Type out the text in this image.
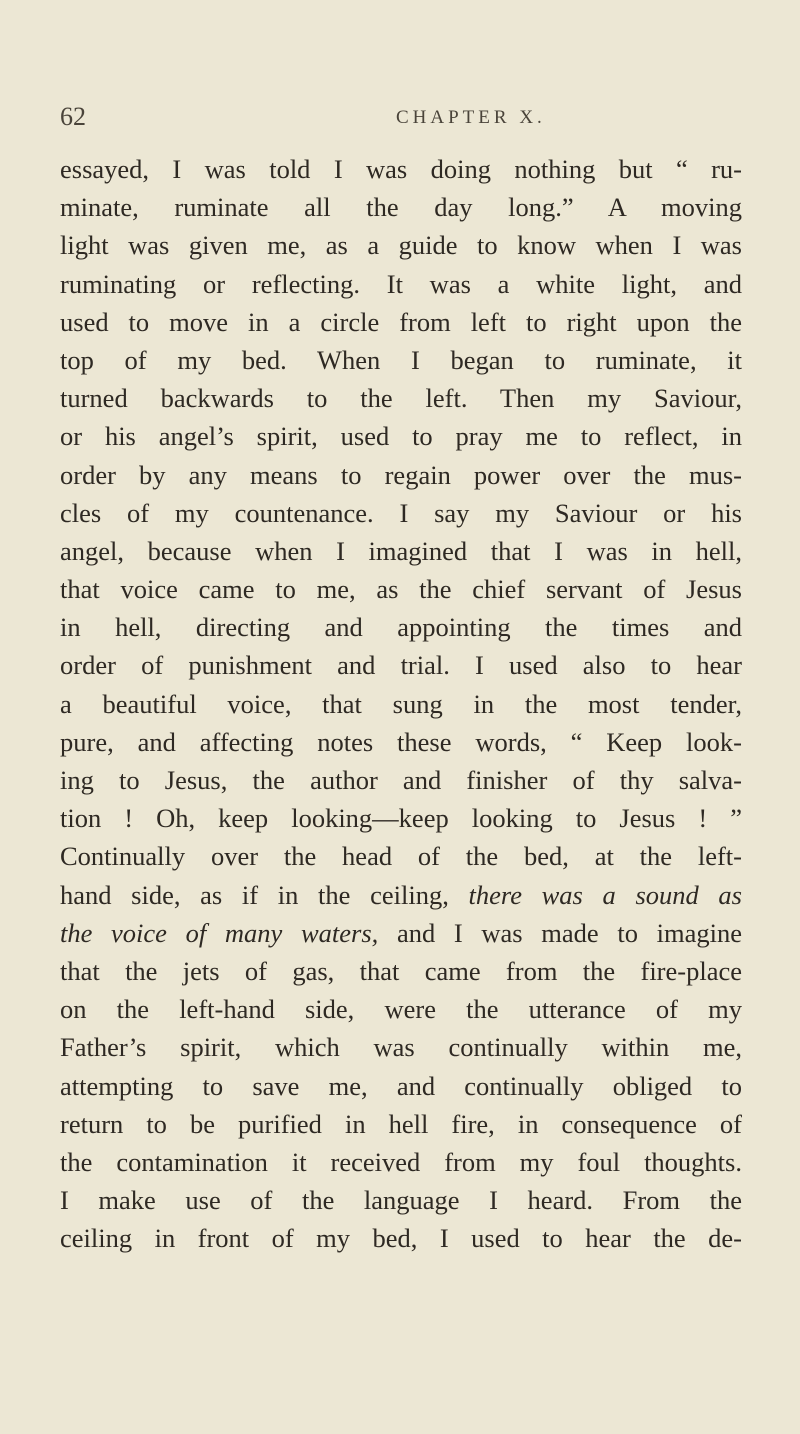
62	CHAPTER X.
essayed, I was told I was doing nothing but “ ru-
minate, ruminate all the day long.” A moving
light was given me, as a guide to know when I was
ruminating or reflecting. It was a white light, and
used to move in a circle from left to right upon the
top of my bed. When I began to ruminate, it
turned backwards to the left. Then my Saviour,
or his angel’s spirit, used to pray me to reflect, in
order by any means to regain power over the mus-
cles of my countenance. I say my Saviour or his
angel, because when I imagined that I was in hell,
that voice came to me, as the chief servant of Jesus
in hell, directing and appointing the times and
order of punishment and trial. I used also to hear
a beautiful voice, that sung in the most tender,
pure, and affecting notes these words, “ Keep look-
ing to Jesus, the author and finisher of thy salva-
tion ! Oh, keep looking—keep looking to Jesus ! ”
Continually over the head of the bed, at the left-
hand side, as if in the ceiling, there was a sound as
the voice of many waters, and I was made to imagine
that the jets of gas, that came from the fire-place
on the left-hand side, were the utterance of my
Father’s spirit, which was continually within me,
attempting to save me, and continually obliged to
return to be purified in hell fire, in consequence of
the contamination it received from my foul thoughts.
I make use of the language I heard. From the
ceiling in front of my bed, I used to hear the de-
